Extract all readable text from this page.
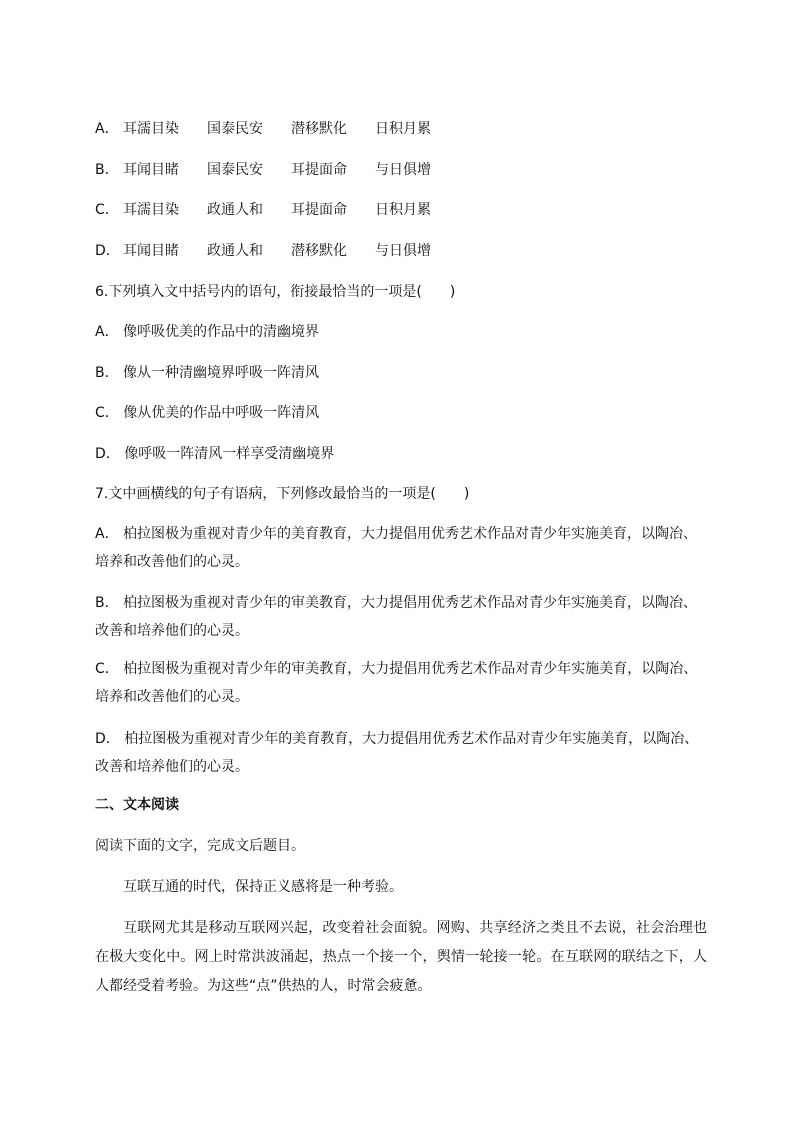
A． 耳濡目染 国泰民安 潜移默化 日积月累
B． 耳闻目睹 国泰民安 耳提面命 与日俱增
C． 耳濡目染 政通人和 耳提面命 日积月累
D． 耳闻目睹 政通人和 潜移默化 与日俱增
6.下列填入文中括号内的语句，衔接最恰当的一项是(　　)
A． 像呼吸优美的作品中的清幽境界
B． 像从一种清幽境界呼吸一阵清风
C． 像从优美的作品中呼吸一阵清风
D． 像呼吸一阵清风一样享受清幽境界
7.文中画横线的句子有语病，下列修改最恰当的一项是(　　)
A． 柏拉图极为重视对青少年的美育教育，大力提倡用优秀艺术作品对青少年实施美育，以陶冶、
培养和改善他们的心灵。
B． 柏拉图极为重视对青少年的审美教育，大力提倡用优秀艺术作品对青少年实施美育，以陶冶、
改善和培养他们的心灵。
C． 柏拉图极为重视对青少年的审美教育，大力提倡用优秀艺术作品对青少年实施美育，以陶冶、
培养和改善他们的心灵。
D． 柏拉图极为重视对青少年的美育教育，大力提倡用优秀艺术作品对青少年实施美育，以陶冶、
改善和培养他们的心灵。
二、文本阅读
阅读下面的文字，完成文后题目。
互联互通的时代，保持正义感将是一种考验。
互联网尤其是移动互联网兴起，改变着社会面貌。网购、共享经济之类且不去说，社会治理也在极大变化中。网上时常洪波涌起，热点一个接一个，舆情一轮接一轮。在互联网的联结之下，人人都经受着考验。为这些“点”供热的人，时常会疲惫。
